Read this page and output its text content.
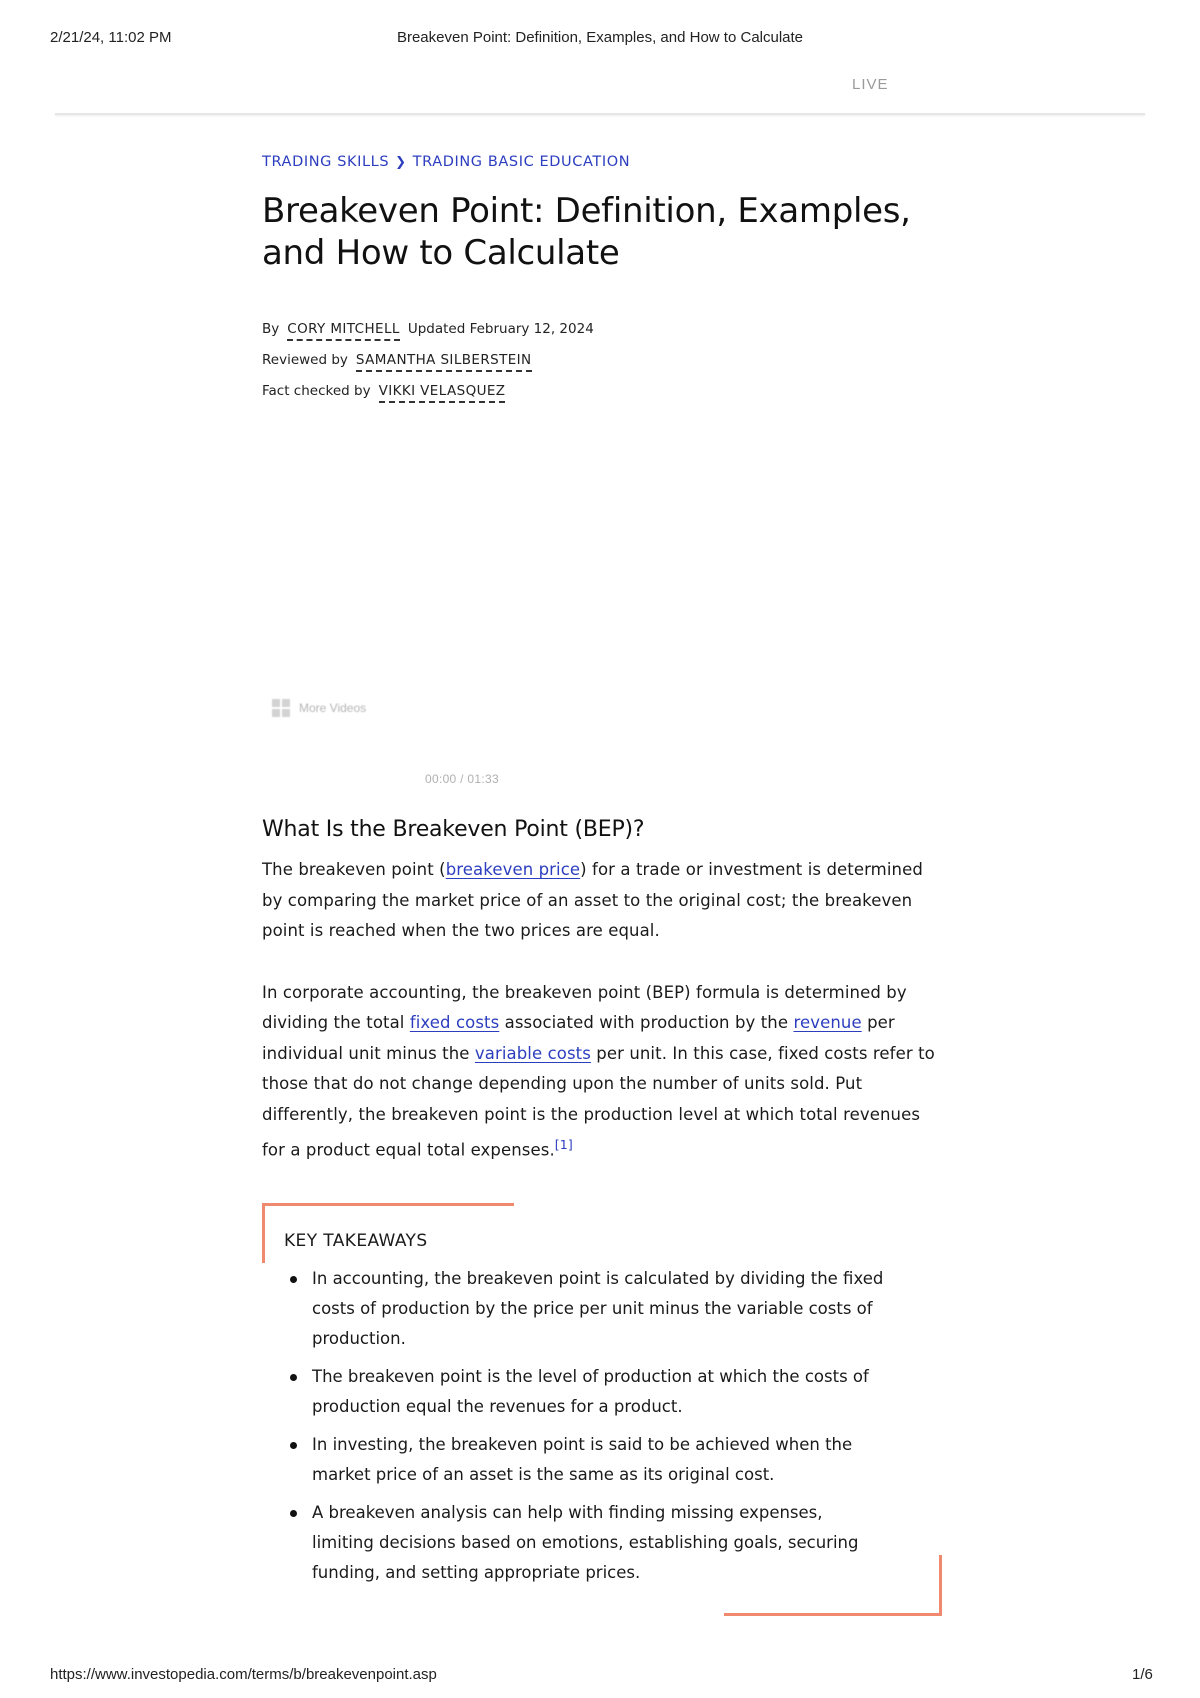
2/21/24, 11:02 PM	Breakeven Point: Definition, Examples, and How to Calculate
LIVE
TRADING SKILLS ❯ TRADING BASIC EDUCATION
Breakeven Point: Definition, Examples, and How to Calculate
By CORY MITCHELL Updated February 12, 2024
Reviewed by SAMANTHA SILBERSTEIN
Fact checked by VIKKI VELASQUEZ
More Videos
00:00 / 01:33
What Is the Breakeven Point (BEP)?

The breakeven point (breakeven price) for a trade or investment is determined by comparing the market price of an asset to the original cost; the breakeven point is reached when the two prices are equal.

In corporate accounting, the breakeven point (BEP) formula is determined by dividing the total fixed costs associated with production by the revenue per individual unit minus the variable costs per unit. In this case, fixed costs refer to those that do not change depending upon the number of units sold. Put differently, the breakeven point is the production level at which total revenues for a product equal total expenses.[1]

KEY TAKEAWAYS
In accounting, the breakeven point is calculated by dividing the fixed costs of production by the price per unit minus the variable costs of production.
The breakeven point is the level of production at which the costs of production equal the revenues for a product.
In investing, the breakeven point is said to be achieved when the market price of an asset is the same as its original cost.
A breakeven analysis can help with finding missing expenses, limiting decisions based on emotions, establishing goals, securing funding, and setting appropriate prices.
https://www.investopedia.com/terms/b/breakevenpoint.asp	1/6
